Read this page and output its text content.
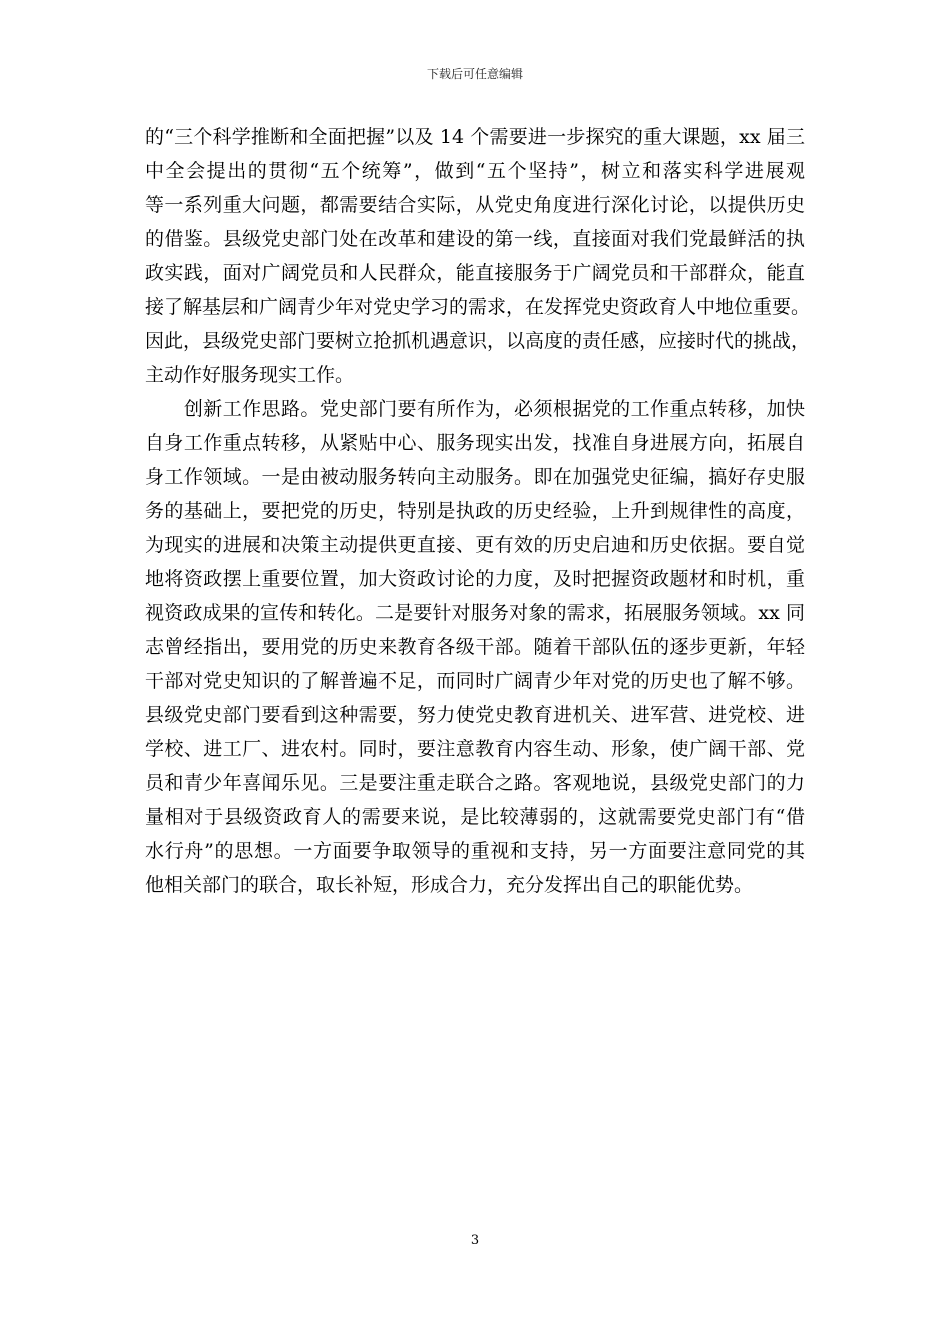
下载后可任意编辑

的“三个科学推断和全面把握”以及 14 个需要进一步探究的重大课题，xx 届三
中全会提出的贯彻“五个统筹”，做到“五个坚持”，树立和落实科学进展观
等一系列重大问题，都需要结合实际，从党史角度进行深化讨论，以提供历史
的借鉴。县级党史部门处在改革和建设的第一线，直接面对我们党最鲜活的执
政实践，面对广阔党员和人民群众，能直接服务于广阔党员和干部群众，能直
接了解基层和广阔青少年对党史学习的需求，在发挥党史资政育人中地位重要。
因此，县级党史部门要树立抢抓机遇意识，以高度的责任感，应接时代的挑战，
主动作好服务现实工作。

　　创新工作思路。党史部门要有所作为，必须根据党的工作重点转移，加快
自身工作重点转移，从紧贴中心、服务现实出发，找准自身进展方向，拓展自
身工作领域。一是由被动服务转向主动服务。即在加强党史征编，搞好存史服
务的基础上，要把党的历史，特别是执政的历史经验，上升到规律性的高度，
为现实的进展和决策主动提供更直接、更有效的历史启迪和历史依据。要自觉
地将资政摆上重要位置，加大资政讨论的力度，及时把握资政题材和时机，重
视资政成果的宣传和转化。二是要针对服务对象的需求，拓展服务领域。xx 同
志曾经指出，要用党的历史来教育各级干部。随着干部队伍的逐步更新，年轻
干部对党史知识的了解普遍不足，而同时广阔青少年对党的历史也了解不够。
县级党史部门要看到这种需要，努力使党史教育进机关、进军营、进党校、进
学校、进工厂、进农村。同时，要注意教育内容生动、形象，使广阔干部、党
员和青少年喜闻乐见。三是要注重走联合之路。客观地说，县级党史部门的力
量相对于县级资政育人的需要来说，是比较薄弱的，这就需要党史部门有“借
水行舟”的思想。一方面要争取领导的重视和支持，另一方面要注意同党的其
他相关部门的联合，取长补短，形成合力，充分发挥出自己的职能优势。

3
